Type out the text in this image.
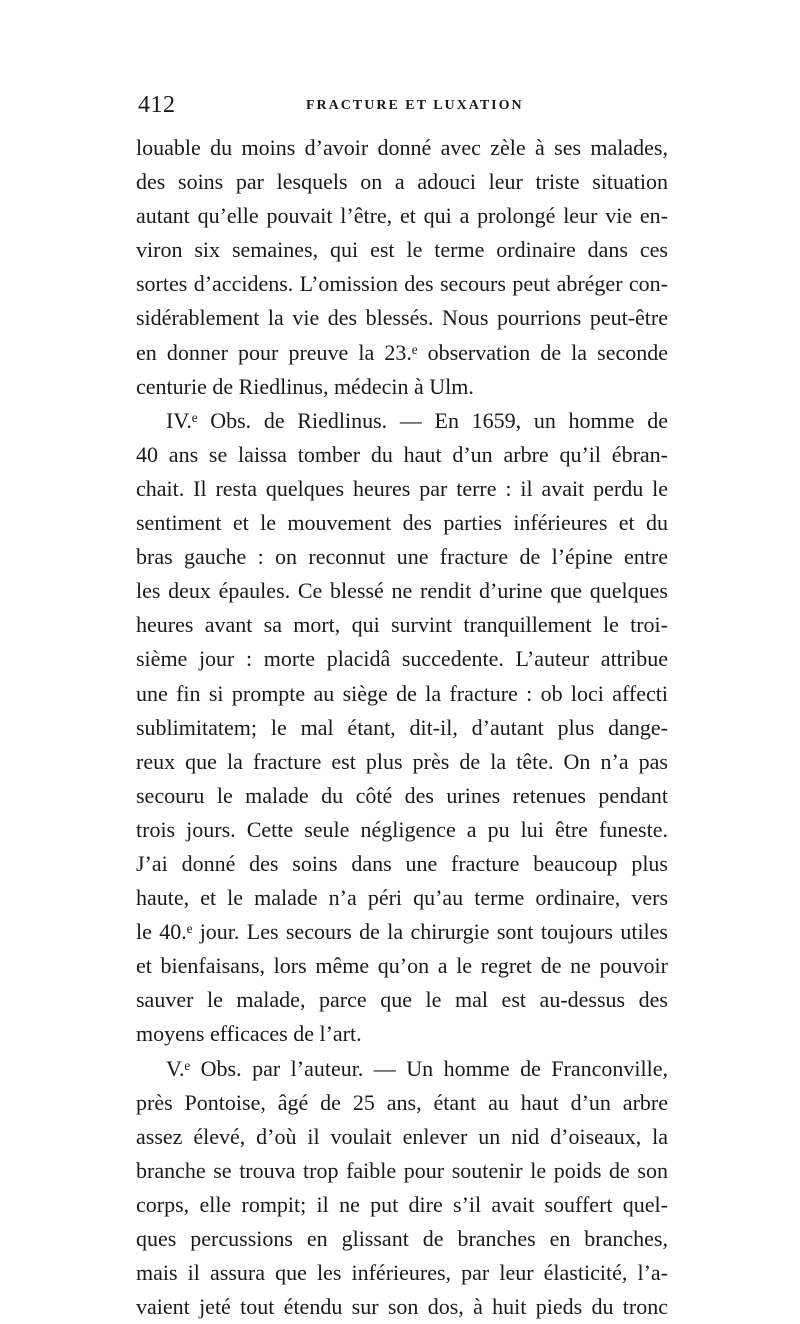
412	FRACTURE ET LUXATION
louable du moins d’avoir donné avec zèle à ses malades,
des soins par lesquels on a adouci leur triste situation
autant qu’elle pouvait l’être, et qui a prolongé leur vie en-
viron six semaines, qui est le terme ordinaire dans ces
sortes d’accidens. L’omission des secours peut abréger con-
sidérablement la vie des blessés. Nous pourrions peut-être
en donner pour preuve la 23.ᵉ observation de la seconde
centurie de Riedlinus, médecin à Ulm.
IV.ᵉ Obs. de Riedlinus. — En 1659, un homme de
40 ans se laissa tomber du haut d’un arbre qu’il ébran-
chait. Il resta quelques heures par terre : il avait perdu le
sentiment et le mouvement des parties inférieures et du
bras gauche : on reconnut une fracture de l’épine entre
les deux épaules. Ce blessé ne rendit d’urine que quelques
heures avant sa mort, qui survint tranquillement le troi-
sième jour : morte placidâ succedente. L’auteur attribue
une fin si prompte au siège de la fracture : ob loci affecti
sublimitatem; le mal étant, dit-il, d’autant plus dange-
reux que la fracture est plus près de la tête. On n’a pas
secouru le malade du côté des urines retenues pendant
trois jours. Cette seule négligence a pu lui être funeste.
J’ai donné des soins dans une fracture beaucoup plus
haute, et le malade n’a péri qu’au terme ordinaire, vers
le 40.ᵉ jour. Les secours de la chirurgie sont toujours utiles
et bienfaisans, lors même qu’on a le regret de ne pouvoir
sauver le malade, parce que le mal est au-dessus des
moyens efficaces de l’art.
V.ᵉ Obs. par l’auteur. — Un homme de Franconville,
près Pontoise, âgé de 25 ans, étant au haut d’un arbre
assez élevé, d’où il voulait enlever un nid d’oiseaux, la
branche se trouva trop faible pour soutenir le poids de son
corps, elle rompit; il ne put dire s’il avait souffert quel-
ques percussions en glissant de branches en branches,
mais il assura que les inférieures, par leur élasticité, l’a-
vaient jeté tout étendu sur son dos, à huit pieds du tronc
